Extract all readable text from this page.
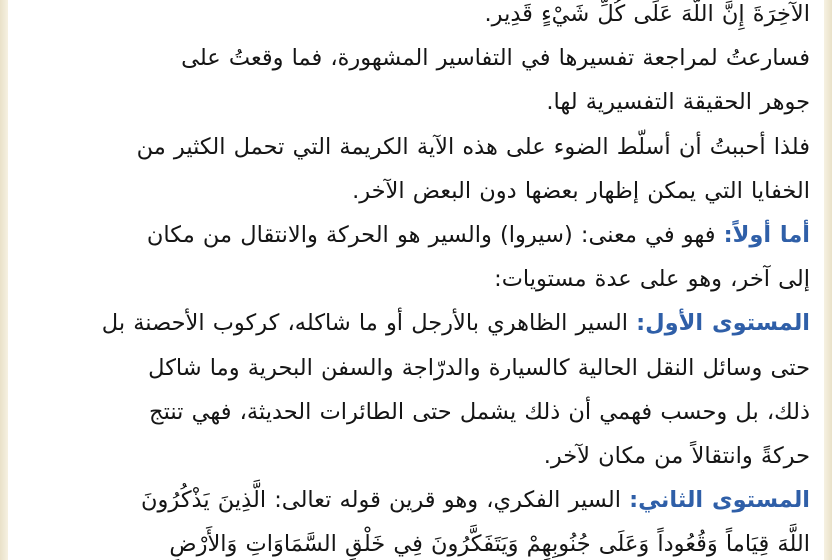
الآخِرَةَ إِنَّ اللَّهَ عَلَى كُلِّ شَيْءٍ قَدِير.
فسارعتُ لمراجعة تفسيرها في التفاسير المشهورة، فما وقعتُ على
جوهر الحقيقة التفسيرية لها.
فلذا أحببتُ أن أسلّط الضوء على هذه الآية الكريمة التي تحمل الكثير من
الخفايا التي يمكن إظهار بعضها دون البعض الآخر.
أما أولاً: فهو في معنى: (سيروا) والسير هو الحركة والانتقال من مكان
إلى آخر، وهو على عدة مستويات:
المستوى الأول: السير الظاهري بالأرجل أو ما شاكله، كركوب الأحصنة بل
حتى وسائل النقل الحالية كالسيارة والدرّاجة والسفن البحرية وما شاكل
ذلك، بل وحسب فهمي أن ذلك يشمل حتى الطائرات الحديثة، فهي تنتج
حركةً وانتقالاً من مكان لآخر.
المستوى الثاني: السير الفكري، وهو قرين قوله تعالى: الَّذِينَ يَذْكُرُونَ
اللَّهَ قِيَاماً وَقُعُوداً وَعَلَى جُنُوبِهِمْ وَيَتَفَكَّرُونَ فِي خَلْقِ السَّمَاوَاتِ وَالأَرْضِ
